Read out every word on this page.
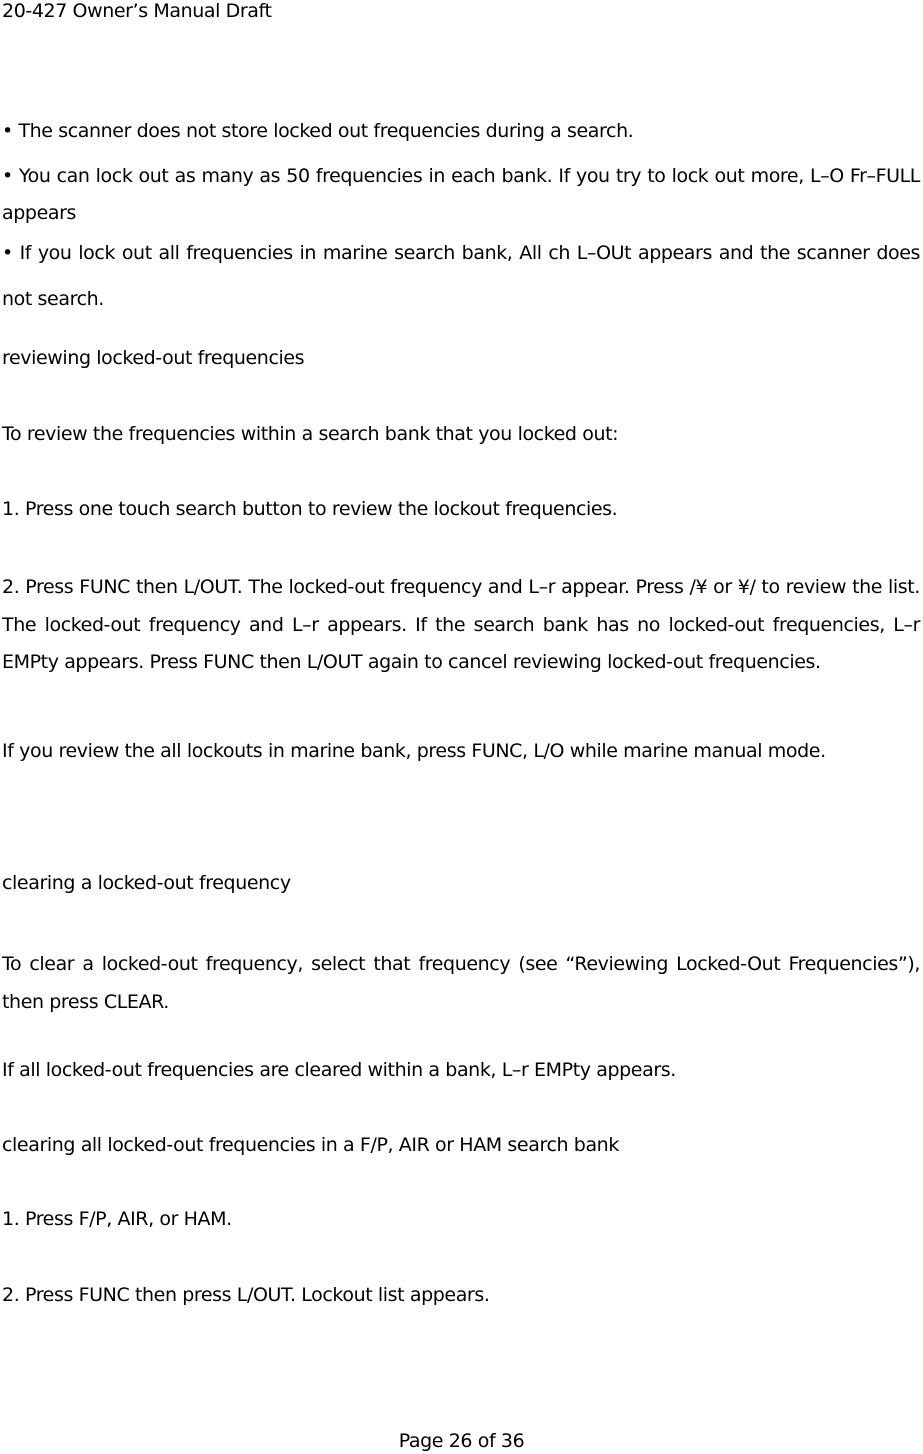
20-427 Owner’s Manual Draft
• The scanner does not store locked out frequencies during a search.
• You can lock out as many as 50 frequencies in each bank. If you try to lock out more, L–O Fr–FULL appears
• If you lock out all frequencies in marine search bank, All ch L–OUt appears and the scanner does not search.
reviewing locked-out frequencies
To review the frequencies within a search bank that you locked out:
1. Press one touch search button to review the lockout frequencies.
2. Press FUNC then L/OUT. The locked-out frequency and L–r appear. Press /¥ or ¥/ to review the list. The locked-out frequency and L–r appears. If the search bank has no locked-out frequencies, L–r EMPty appears. Press FUNC then L/OUT again to cancel reviewing locked-out frequencies.
If you review the all lockouts in marine bank, press FUNC, L/O while marine manual mode.
clearing a locked-out frequency
To clear a locked-out frequency, select that frequency (see “Reviewing Locked-Out Frequencies”), then press CLEAR.
If all locked-out frequencies are cleared within a bank, L–r EMPty appears.
clearing all locked-out frequencies in a F/P, AIR or HAM search bank
1. Press F/P, AIR, or HAM.
2. Press FUNC then press L/OUT. Lockout list appears.
Page 26 of 36
